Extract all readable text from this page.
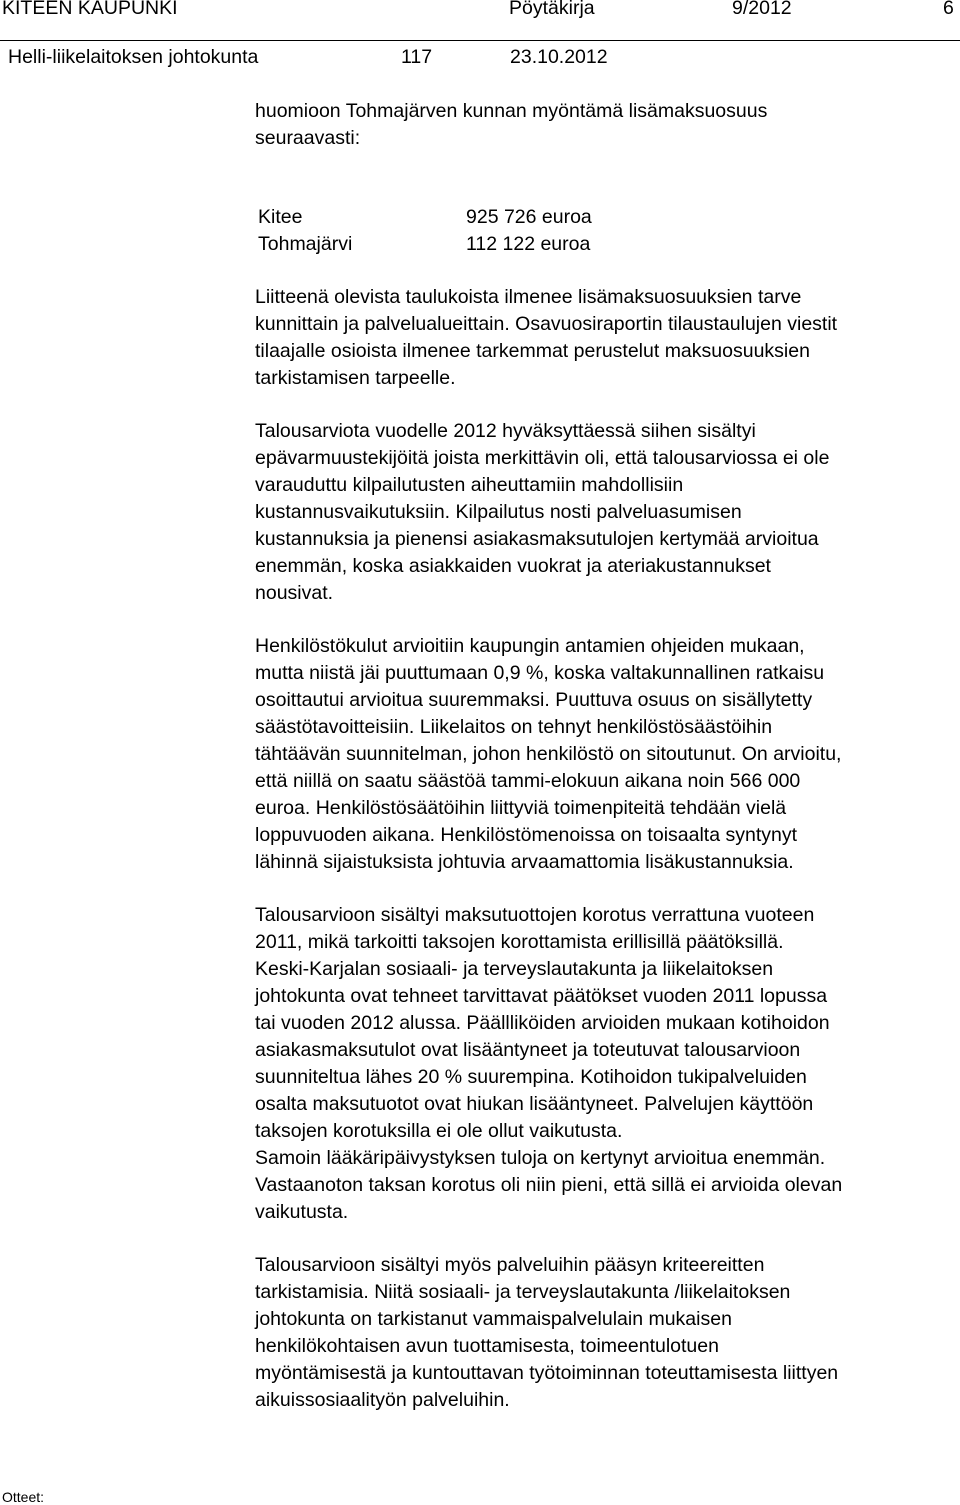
KITEEN KAUPUNKI	Pöytäkirja	9/2012	6
Helli-liikelaitoksen johtokunta	117	23.10.2012
huomioon Tohmajärven kunnan myöntämä lisämaksuosuus
seuraavasti:
Kitee	925 726 euroa
Tohmajärvi	112 122 euroa
Liitteenä olevista taulukoista ilmenee lisämaksuosuuksien tarve
kunnittain ja palvelualueittain. Osavuosiraportin tilaustaulujen viestit
tilaajalle osioista ilmenee tarkemmat perustelut maksuosuuksien
tarkistamisen tarpeelle.
Talousarviota vuodelle 2012 hyväksyttäessä siihen sisältyi
epävarmuustekijöitä joista merkittävin oli, että talousarviossa ei ole
varauduttu kilpailutusten aiheuttamiin mahdollisiin
kustannusvaikutuksiin. Kilpailutus nosti palveluasumisen
kustannuksia ja pienensi asiakasmaksutulojen kertymää arvioitua
enemmän, koska asiakkaiden vuokrat ja ateriakustannukset
nousivat.
Henkilöstökulut arvioitiin kaupungin antamien ohjeiden mukaan,
mutta niistä jäi puuttumaan 0,9 %, koska valtakunnallinen ratkaisu
osoittautui arvioitua suuremmaksi. Puuttuva osuus on sisällytetty
säästötavoitteisiin. Liikelaitos on tehnyt henkilöstösäästöihin
tähtäävän suunnitelman, johon henkilöstö on sitoutunut. On arvioitu,
että niillä on saatu säästöä tammi-elokuun aikana noin 566 000
euroa. Henkilöstösäätöihin liittyviä toimenpiteitä tehdään vielä
loppuvuoden aikana. Henkilöstömenoissa on toisaalta syntynyt
lähinnä sijaistuksista johtuvia arvaamattomia lisäkustannuksia.
Talousarvioon sisältyi maksutuottojen korotus verrattuna vuoteen
2011, mikä tarkoitti taksojen korottamista erillisillä päätöksillä.
Keski-Karjalan sosiaali- ja terveyslautakunta ja liikelaitoksen
johtokunta ovat tehneet tarvittavat päätökset vuoden 2011 lopussa
tai vuoden 2012 alussa. Päällliköiden arvioiden mukaan kotihoidon
asiakasmaksutulot ovat lisääntyneet ja toteutuvat talousarvioon
suunniteltua lähes 20 % suurempina. Kotihoidon tukipalveluiden
osalta maksutuotot ovat hiukan lisääntyneet. Palvelujen käyttöön
taksojen korotuksilla ei ole ollut vaikutusta.
Samoin lääkäripäivystyksen tuloja on kertynyt arvioitua enemmän.
Vastaanoton taksan korotus oli niin pieni, että sillä ei arvioida olevan
vaikutusta.
Talousarvioon sisältyi myös palveluihin pääsyn kriteereitten
tarkistamisia. Niitä sosiaali- ja terveyslautakunta /liikelaitoksen
johtokunta on tarkistanut vammaispalvelulain mukaisen
henkilökohtaisen avun tuottamisesta, toimeentulotuen
myöntämisestä ja kuntouttavan työtoiminnan toteuttamisesta liittyen
aikuissosiaalityön palveluihin.
Otteet:
